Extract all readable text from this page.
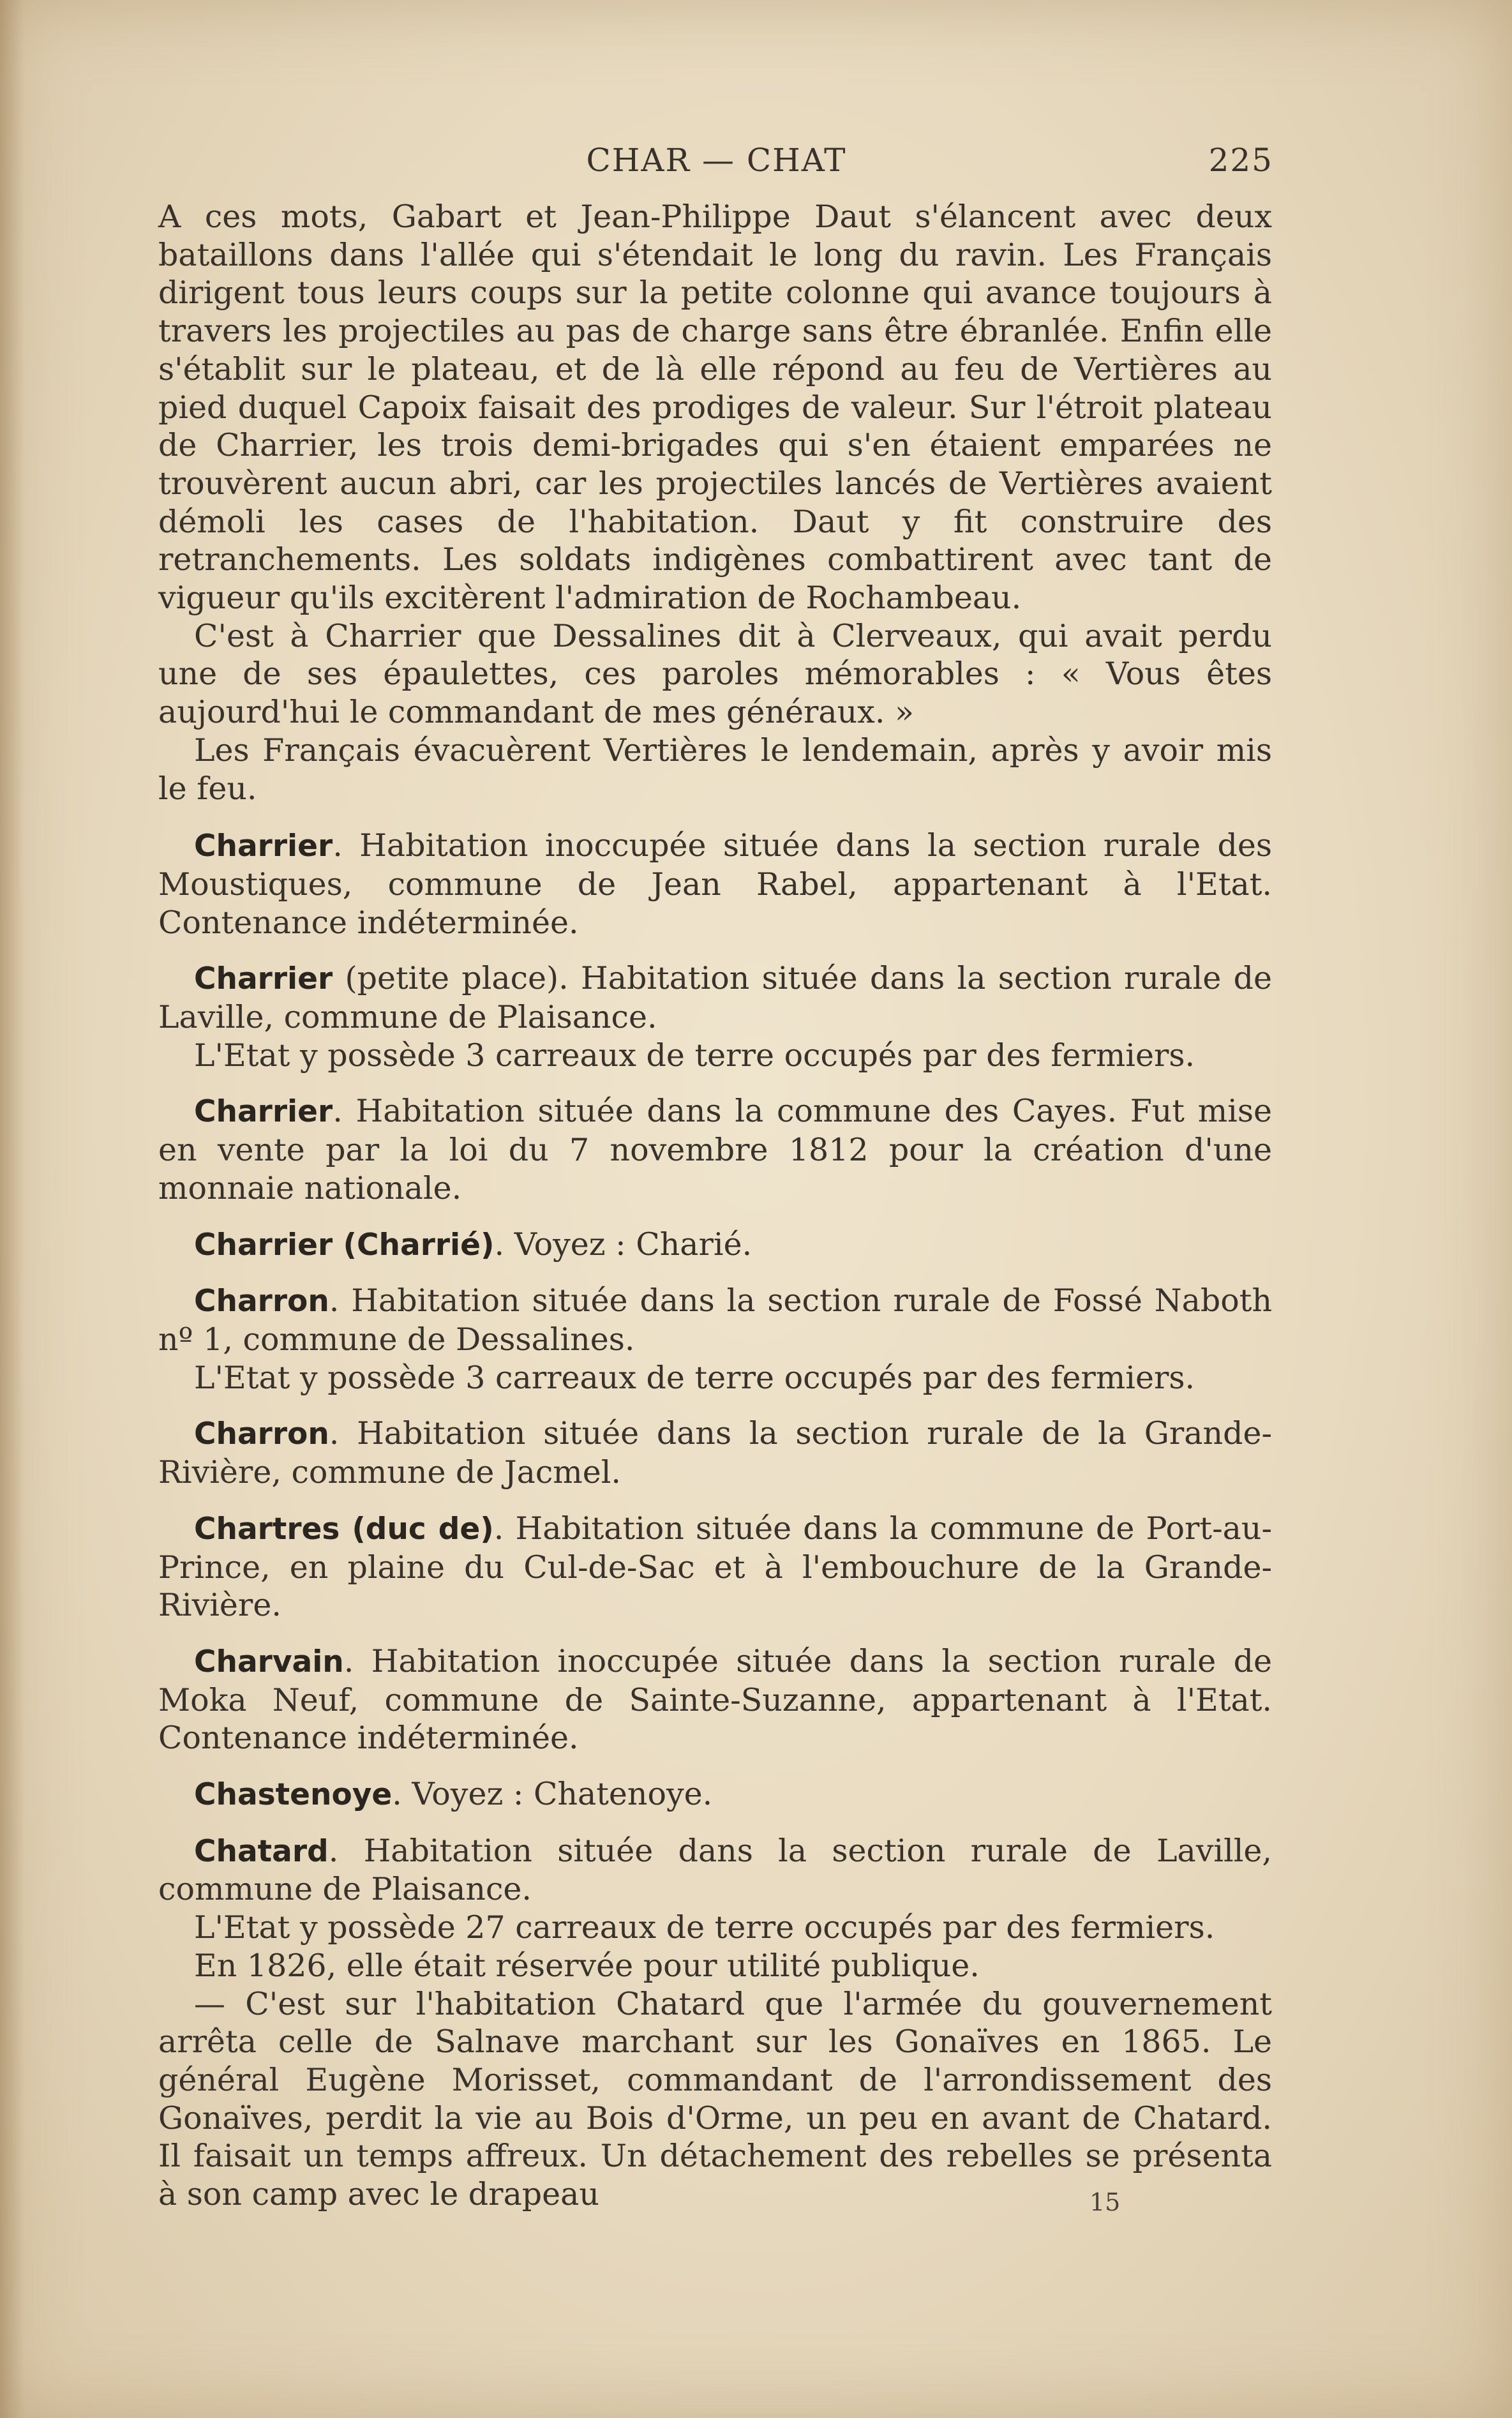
CHAR — CHAT	225

A ces mots, Gabart et Jean-Philippe Daut s'élancent avec deux bataillons dans l'allée qui s'étendait le long du ravin. Les Français dirigent tous leurs coups sur la petite colonne qui avance toujours à travers les projectiles au pas de charge sans être ébranlée. Enfin elle s'établit sur le plateau, et de là elle répond au feu de Vertières au pied duquel Capoix faisait des prodiges de valeur. Sur l'étroit plateau de Charrier, les trois demi-brigades qui s'en étaient emparées ne trouvèrent aucun abri, car les projectiles lancés de Vertières avaient démoli les cases de l'habitation. Daut y fit construire des retranchements. Les soldats indigènes combattirent avec tant de vigueur qu'ils excitèrent l'admiration de Rochambeau.

C'est à Charrier que Dessalines dit à Clerveaux, qui avait perdu une de ses épaulettes, ces paroles mémorables : « Vous êtes aujourd'hui le commandant de mes généraux. »

Les Français évacuèrent Vertières le lendemain, après y avoir mis le feu.

Charrier. Habitation inoccupée située dans la section rurale des Moustiques, commune de Jean Rabel, appartenant à l'Etat. Contenance indéterminée.

Charrier (petite place). Habitation située dans la section rurale de Laville, commune de Plaisance.

L'Etat y possède 3 carreaux de terre occupés par des fermiers.

Charrier. Habitation située dans la commune des Cayes. Fut mise en vente par la loi du 7 novembre 1812 pour la création d'une monnaie nationale.

Charrier (Charrié). Voyez : Charié.

Charron. Habitation située dans la section rurale de Fossé Naboth nº 1, commune de Dessalines.

L'Etat y possède 3 carreaux de terre occupés par des fermiers.

Charron. Habitation située dans la section rurale de la Grande-Rivière, commune de Jacmel.

Chartres (duc de). Habitation située dans la commune de Port-au-Prince, en plaine du Cul-de-Sac et à l'embouchure de la Grande-Rivière.

Charvain. Habitation inoccupée située dans la section rurale de Moka Neuf, commune de Sainte-Suzanne, appartenant à l'Etat. Contenance indéterminée.

Chastenoye. Voyez : Chatenoye.

Chatard. Habitation située dans la section rurale de Laville, commune de Plaisance.

L'Etat y possède 27 carreaux de terre occupés par des fermiers.

En 1826, elle était réservée pour utilité publique.

— C'est sur l'habitation Chatard que l'armée du gouvernement arrêta celle de Salnave marchant sur les Gonaïves en 1865. Le général Eugène Morisset, commandant de l'arrondissement des Gonaïves, perdit la vie au Bois d'Orme, un peu en avant de Chatard. Il faisait un temps affreux. Un détachement des rebelles se présenta à son camp avec le drapeau	15
